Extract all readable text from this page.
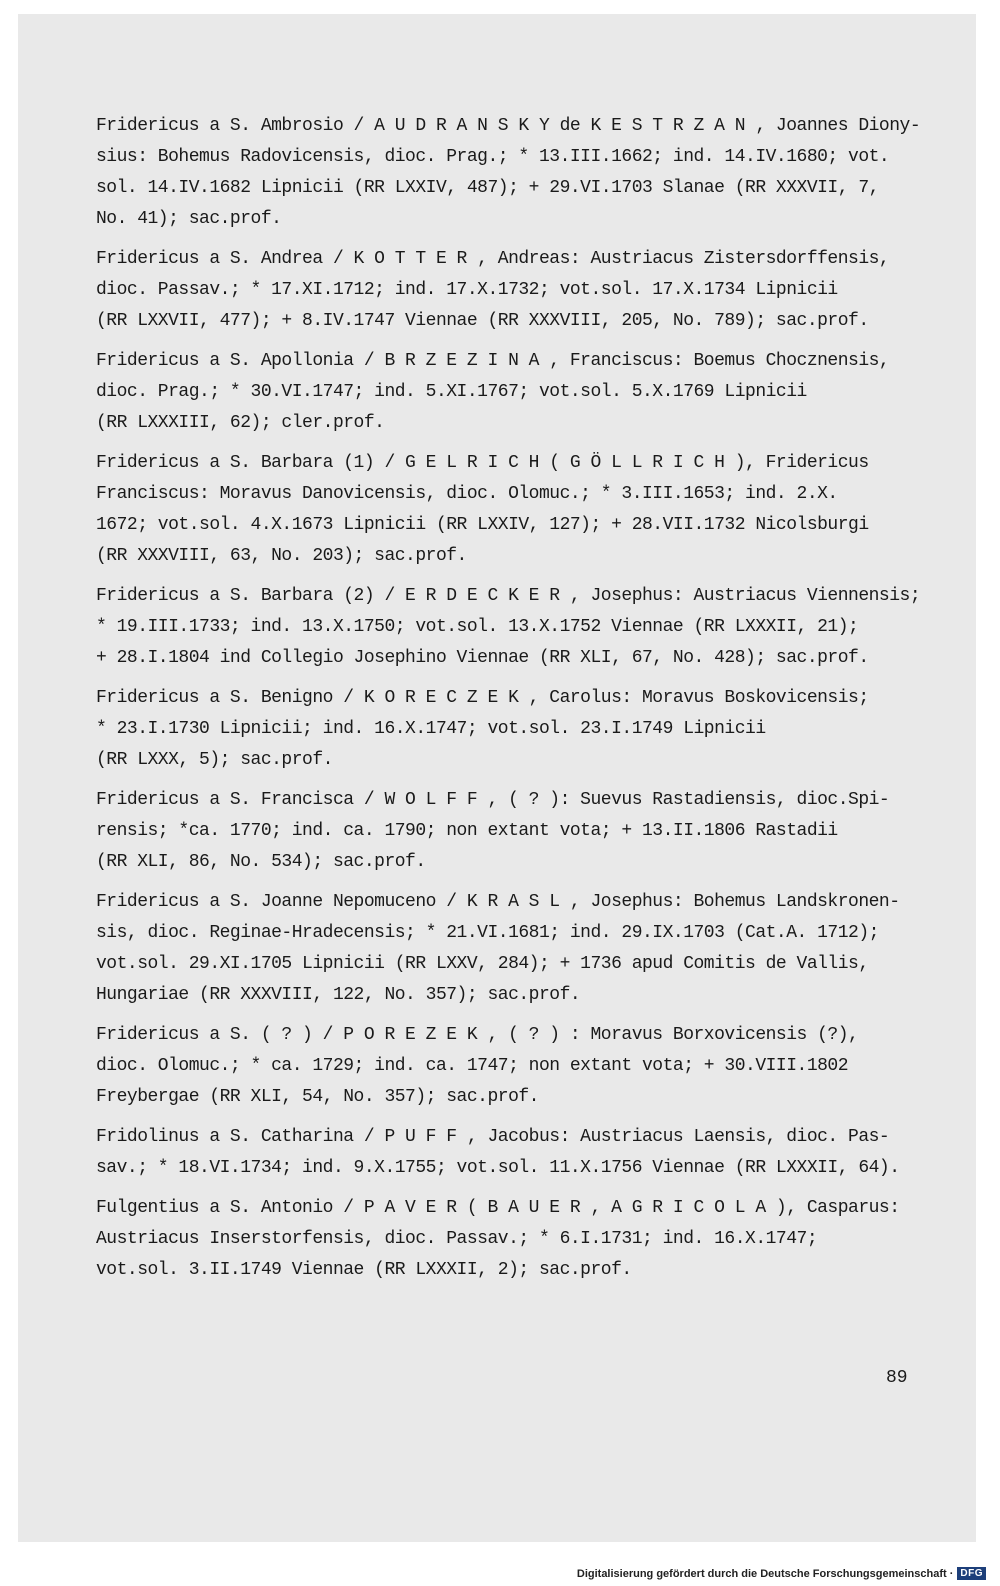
Fridericus a S. Ambrosio / A U D R A N S K Y de K E S T R Z A N , Joannes Diony-
sius: Bohemus Radovicensis, dioc. Prag.; * 13.III.1662; ind. 14.IV.1680; vot.
sol. 14.IV.1682 Lipnicii (RR LXXIV, 487); + 29.VI.1703 Slanae (RR XXXVII, 7,
No. 41); sac.prof.
Fridericus a S. Andrea / K O T T E R , Andreas: Austriacus Zistersdorffensis,
dioc. Passav.; * 17.XI.1712; ind. 17.X.1732; vot.sol. 17.X.1734 Lipnicii
(RR LXXVII, 477); + 8.IV.1747 Viennae (RR XXXVIII, 205, No. 789); sac.prof.
Fridericus a S. Apollonia / B R Z E Z I N A , Franciscus: Boemus Chocznensis,
dioc. Prag.; * 30.VI.1747; ind. 5.XI.1767; vot.sol. 5.X.1769 Lipnicii
(RR LXXXIII, 62); cler.prof.
Fridericus a S. Barbara (1) / G E L R I C H ( G Ö L L R I C H ), Fridericus
Franciscus: Moravus Danovicensis, dioc. Olomuc.; * 3.III.1653; ind. 2.X.
1672; vot.sol. 4.X.1673 Lipnicii (RR LXXIV, 127); + 28.VII.1732 Nicolsburgi
(RR XXXVIII, 63, No. 203); sac.prof.
Fridericus a S. Barbara (2) / E R D E C K E R , Josephus: Austriacus Viennensis;
* 19.III.1733; ind. 13.X.1750; vot.sol. 13.X.1752 Viennae (RR LXXXII, 21);
+ 28.I.1804 ind Collegio Josephino Viennae (RR XLI, 67, No. 428); sac.prof.
Fridericus a S. Benigno / K O R E C Z E K , Carolus: Moravus Boskovicensis;
* 23.I.1730 Lipnicii; ind. 16.X.1747; vot.sol. 23.I.1749 Lipnicii
(RR LXXX, 5); sac.prof.
Fridericus a S. Francisca / W O L F F , ( ? ): Suevus Rastadiensis, dioc.Spi-
rensis; *ca. 1770; ind. ca. 1790; non extant vota; + 13.II.1806 Rastadii
(RR XLI, 86, No. 534); sac.prof.
Fridericus a S. Joanne Nepomuceno / K R A S L , Josephus: Bohemus Landskronen-
sis, dioc. Reginae-Hradecensis; * 21.VI.1681; ind. 29.IX.1703 (Cat.A. 1712);
vot.sol. 29.XI.1705 Lipnicii (RR LXXV, 284); + 1736 apud Comitis de Vallis,
Hungariae (RR XXXVIII, 122, No. 357); sac.prof.
Fridericus a S. ( ? ) / P O R E Z E K , ( ? ) : Moravus Borxovicensis (?),
dioc. Olomuc.; * ca. 1729; ind. ca. 1747; non extant vota; + 30.VIII.1802
Freybergae (RR XLI, 54, No. 357); sac.prof.
Fridolinus a S. Catharina / P U F F , Jacobus: Austriacus Laensis, dioc. Pas-
sav.; * 18.VI.1734; ind. 9.X.1755; vot.sol. 11.X.1756 Viennae (RR LXXXII, 64).
Fulgentius a S. Antonio / P A V E R ( B A U E R , A G R I C O L A ), Casparus:
Austriacus Inserstorfensis, dioc. Passav.; * 6.I.1731; ind. 16.X.1747;
vot.sol. 3.II.1749 Viennae (RR LXXXII, 2); sac.prof.
89
Digitalisierung gefördert durch die Deutsche Forschungsgemeinschaft · DFG
